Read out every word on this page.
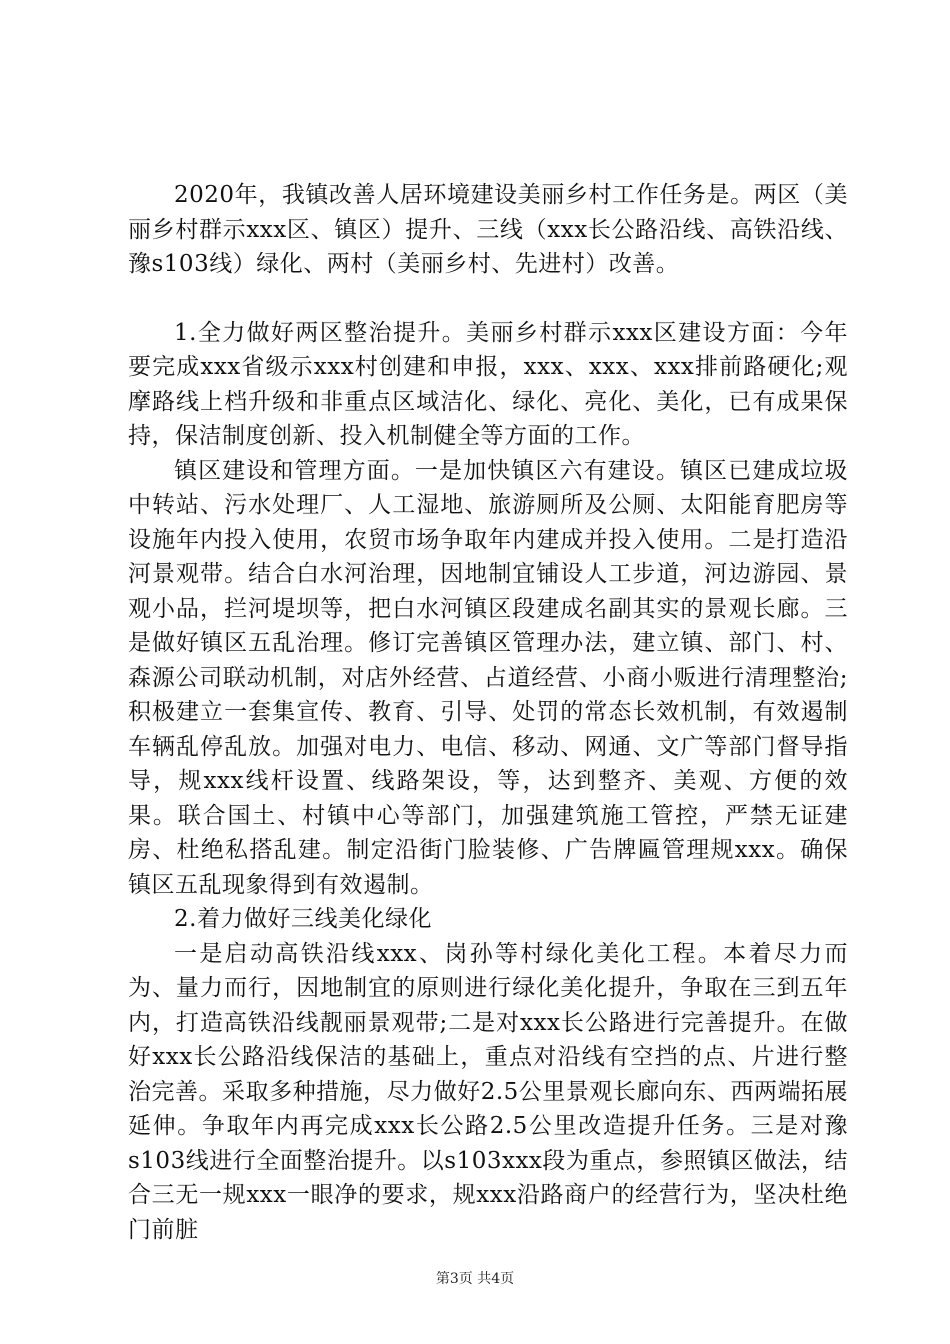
2020年，我镇改善人居环境建设美丽乡村工作任务是。两区（美丽乡村群示xxx区、镇区）提升、三线（xxx长公路沿线、高铁沿线、豫s103线）绿化、两村（美丽乡村、先进村）改善。

1.全力做好两区整治提升。美丽乡村群示xxx区建设方面：今年要完成xxx省级示xxx村创建和申报，xxx、xxx、xxx排前路硬化;观摩路线上档升级和非重点区域洁化、绿化、亮化、美化，已有成果保持，保洁制度创新、投入机制健全等方面的工作。

镇区建设和管理方面。一是加快镇区六有建设。镇区已建成垃圾中转站、污水处理厂、人工湿地、旅游厕所及公厕、太阳能育肥房等设施年内投入使用，农贸市场争取年内建成并投入使用。二是打造沿河景观带。结合白水河治理，因地制宜铺设人工步道，河边游园、景观小品，拦河堤坝等，把白水河镇区段建成名副其实的景观长廊。三是做好镇区五乱治理。修订完善镇区管理办法，建立镇、部门、村、森源公司联动机制，对店外经营、占道经营、小商小贩进行清理整治;积极建立一套集宣传、教育、引导、处罚的常态长效机制，有效遏制车辆乱停乱放。加强对电力、电信、移动、网通、文广等部门督导指导，规xxx线杆设置、线路架设，等，达到整齐、美观、方便的效果。联合国土、村镇中心等部门，加强建筑施工管控，严禁无证建房、杜绝私搭乱建。制定沿街门脸装修、广告牌匾管理规xxx。确保镇区五乱现象得到有效遏制。

2.着力做好三线美化绿化

一是启动高铁沿线xxx、岗孙等村绿化美化工程。本着尽力而为、量力而行，因地制宜的原则进行绿化美化提升，争取在三到五年内，打造高铁沿线靓丽景观带;二是对xxx长公路进行完善提升。在做好xxx长公路沿线保洁的基础上，重点对沿线有空挡的点、片进行整治完善。采取多种措施，尽力做好2.5公里景观长廊向东、西两端拓展延伸。争取年内再完成xxx长公路2.5公里改造提升任务。三是对豫s103线进行全面整治提升。以s103xxx段为重点，参照镇区做法，结合三无一规xxx一眼净的要求，规xxx沿路商户的经营行为，坚决杜绝门前脏

第3页 共4页
